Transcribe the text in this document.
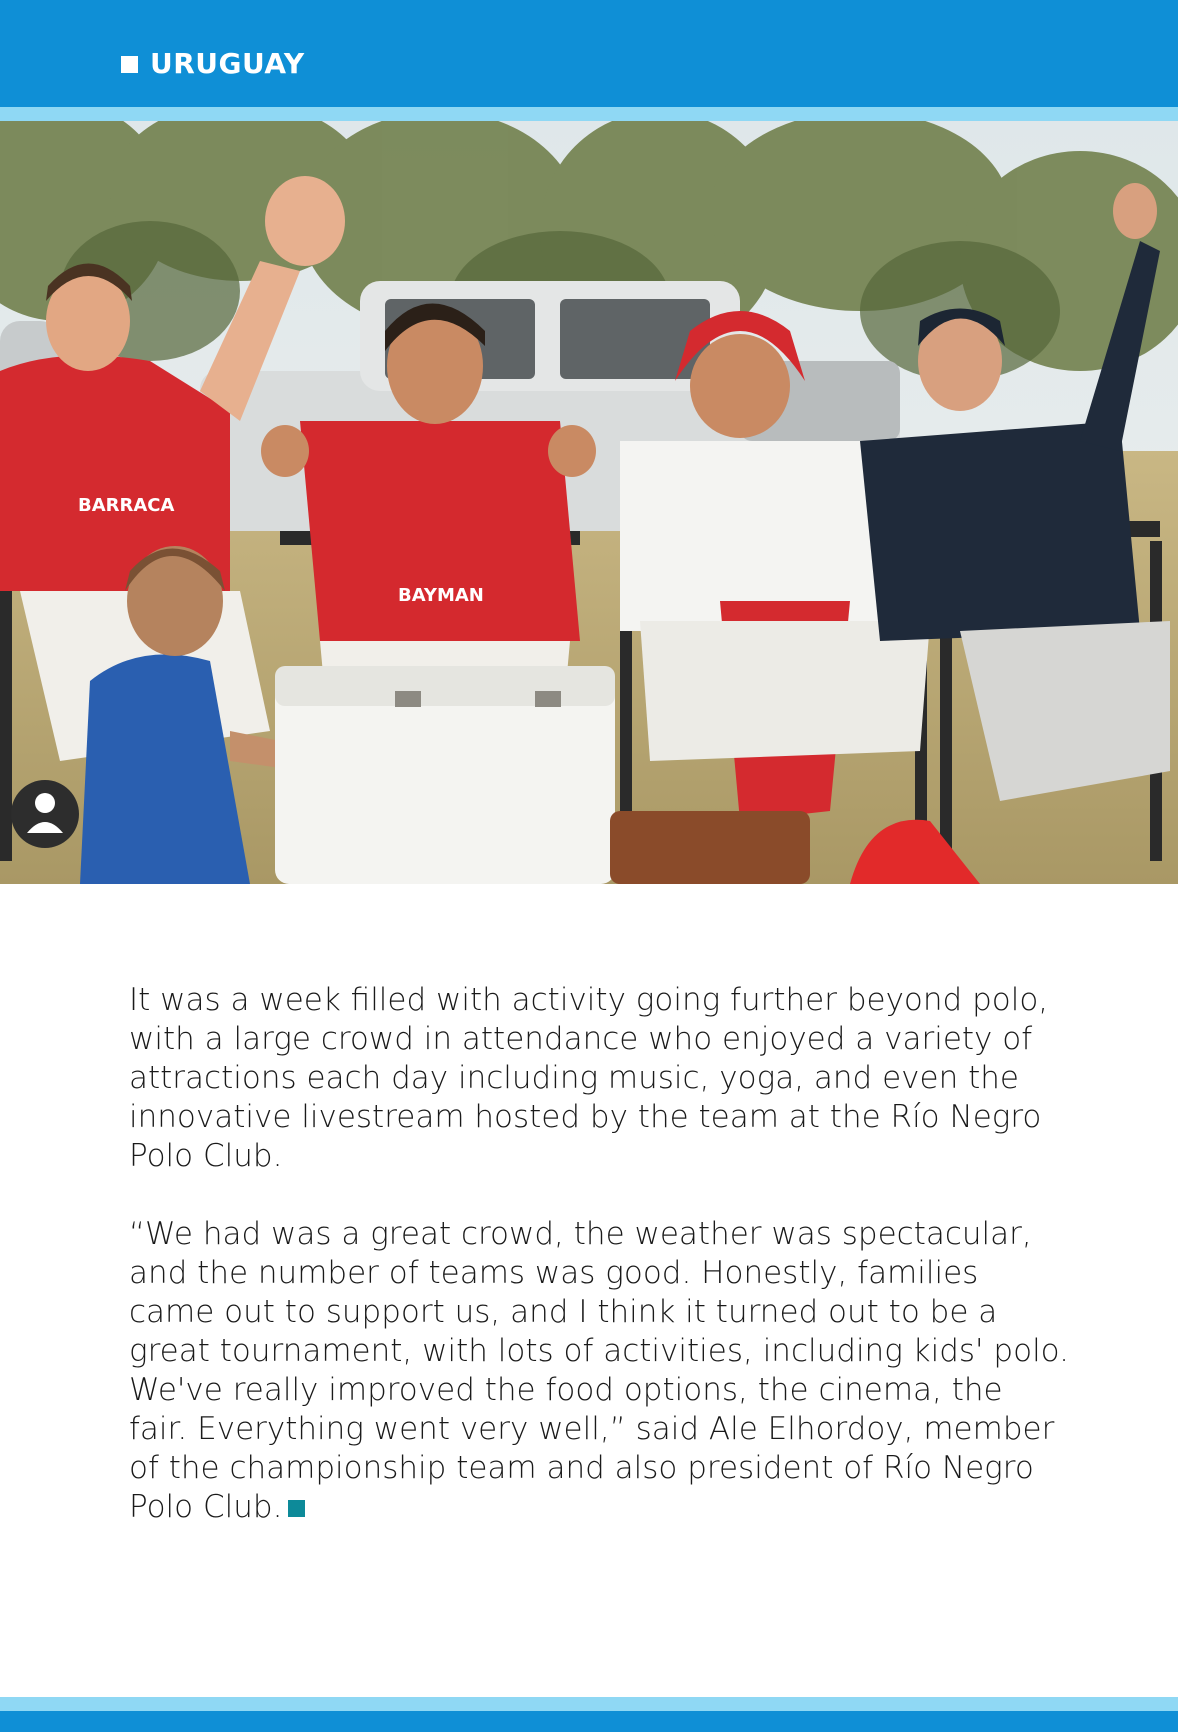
URUGUAY
BARRACA
BAYMAN

It was a week filled with activity going further beyond polo, with a large crowd in attendance who enjoyed a variety of attractions each day including music, yoga, and even the innovative livestream hosted by the team at the Río Negro Polo Club.

“We had was a great crowd, the weather was spectacular, and the number of teams was good. Honestly, families came out to support us, and I think it turned out to be a great tournament, with lots of activities, including kids' polo. We've really improved the food options, the cinema, the fair. Everything went very well,” said Ale Elhordoy, member of the championship team and also president of Río Negro Polo Club.
